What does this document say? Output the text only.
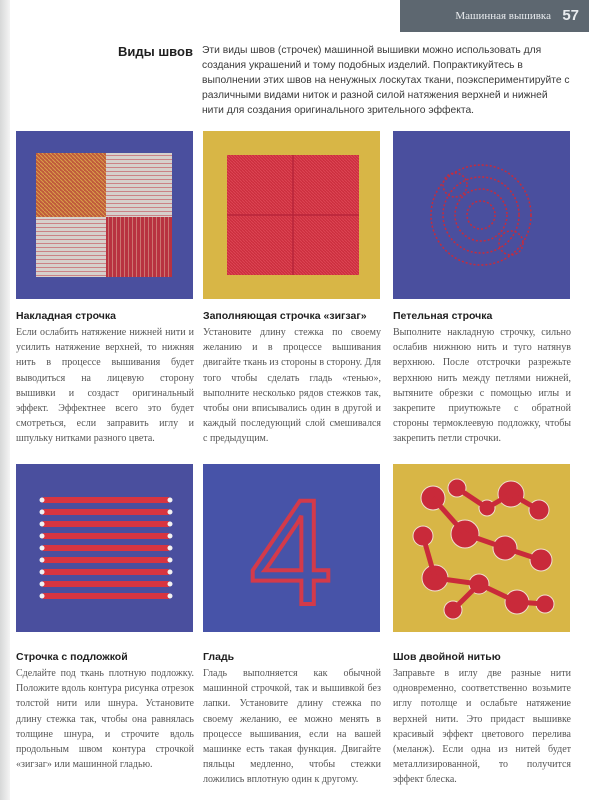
Машинная вышивка 57
Виды швов Эти виды швов (строчек) машинной вышивки можно использовать для создания украшений и тому подобных изделий. Попрактикуйтесь в выполнении этих швов на ненужных лоскутах ткани, поэкспериментируйте с различными видами ниток и разной силой натяжения верхней и нижней нити для создания оригинального зрительного эффекта.
Накладная строчка
Если ослабить натяжение нижней нити и усилить натяжение верхней, то нижняя нить в процессе вышивания будет выводиться на лицевую сторону вышивки и создаст оригинальный эффект. Эффектнее всего это будет смотреться, если заправить иглу и шпульку нитками разного цвета.
Заполняющая строчка «зигзаг»
Установите длину стежка по своему желанию и в процессе вышивания двигайте ткань из стороны в сторону. Для того чтобы сделать гладь «тенью», выполните несколько рядов стежков так, чтобы они вписывались один в другой и каждый последующий слой смешивался с предыдущим.
Петельная строчка
Выполните накладную строчку, сильно ослабив нижнюю нить и туго натянув верхнюю. После отстрочки разрежьте верхнюю нить между петлями нижней, вытяните обрезки с помощью иглы и закрепите приутюжьте с обратной стороны термоклеевую подложку, чтобы закрепить петли строчки.
4
Строчка с подложкой
Сделайте под ткань плотную подложку. Положите вдоль контура рисунка отрезок толстой нити или шнура. Установите длину стежка так, чтобы она равнялась толщине шнура, и строчите вдоль продольным швом контура строчкой «зигзаг» или машинной гладью.
Гладь
Гладь выполняется как обычной машинной строчкой, так и вышивкой без лапки. Установите длину стежка по своему желанию, ее можно менять в процессе вышивания, если на вашей машинке есть такая функция. Двигайте пяльцы медленно, чтобы стежки ложились вплотную один к другому.
Шов двойной нитью
Заправьте в иглу две разные нити одновременно, соответственно возьмите иглу потолще и ослабьте натяжение верхней нити. Это придаст вышивке красивый эффект цветового перелива (меланж). Если одна из нитей будет металлизированной, то получится эффект блеска.
